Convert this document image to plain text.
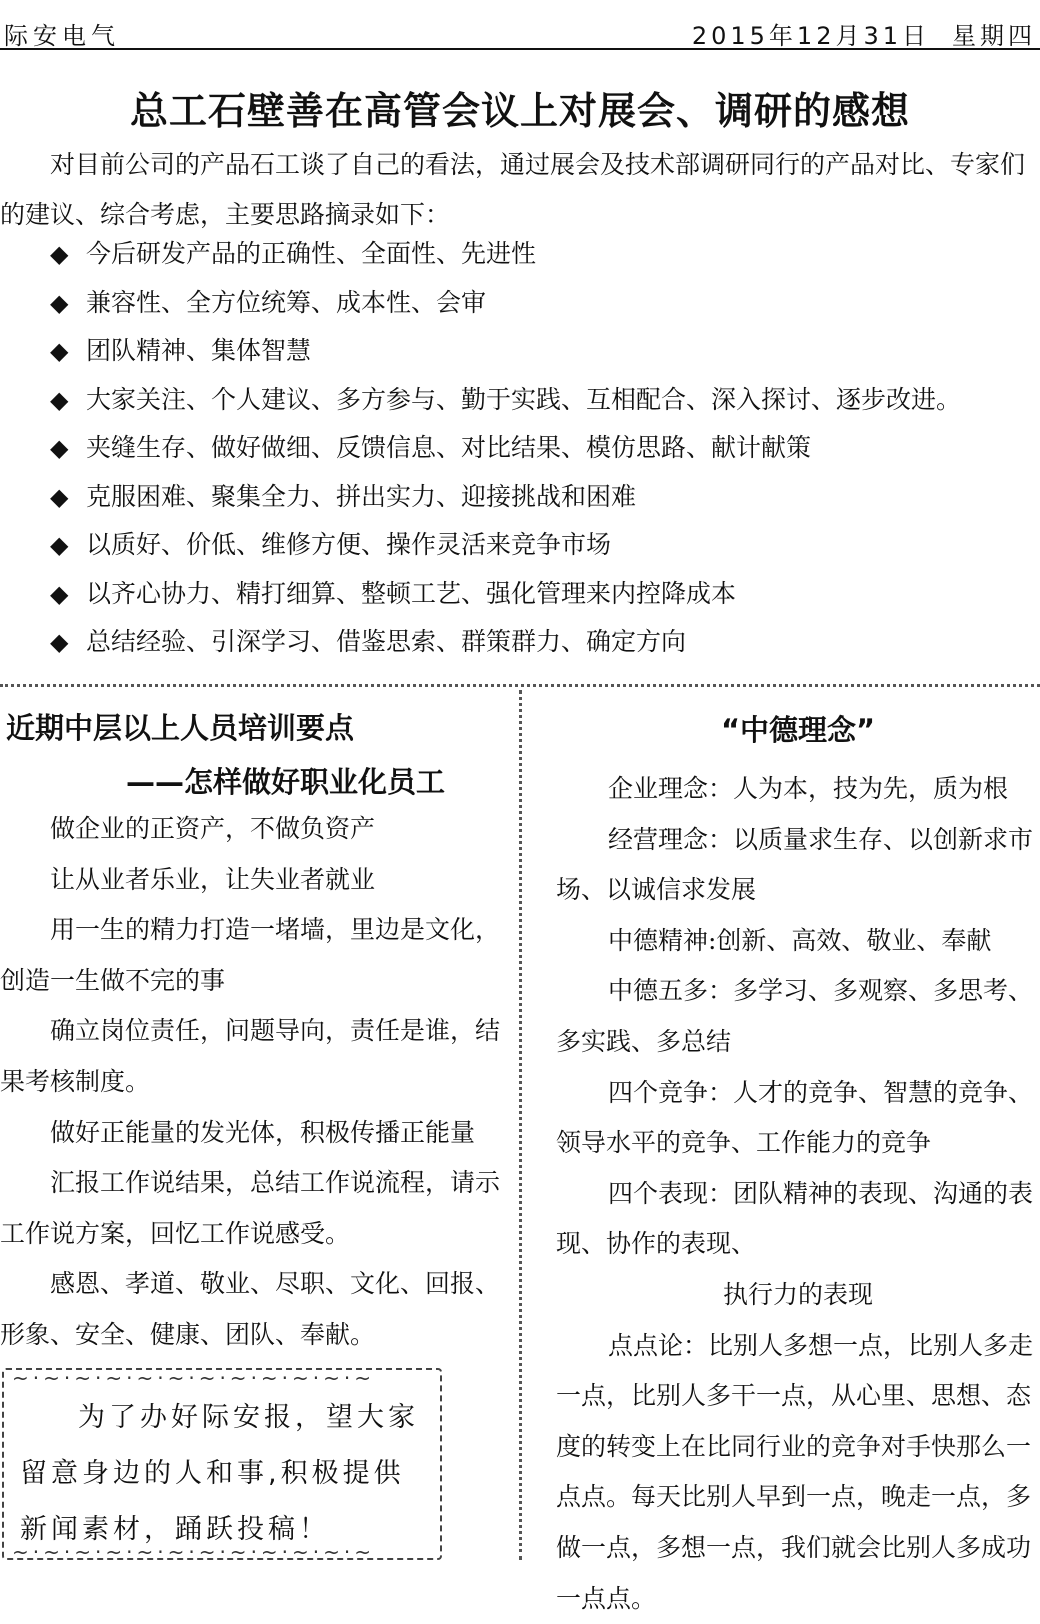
际安电气	2015年12月31日 星期四
总工石壁善在高管会议上对展会、调研的感想

对目前公司的产品石工谈了自己的看法，通过展会及技术部调研同行的产品对比、专家们的建议、综合考虑，主要思路摘录如下：

◆ 今后研发产品的正确性、全面性、先进性
◆ 兼容性、全方位统筹、成本性、会审
◆ 团队精神、集体智慧
◆ 大家关注、个人建议、多方参与、勤于实践、互相配合、深入探讨、逐步改进。
◆ 夹缝生存、做好做细、反馈信息、对比结果、模仿思路、献计献策
◆ 克服困难、聚集全力、拼出实力、迎接挑战和困难
◆ 以质好、价低、维修方便、操作灵活来竞争市场
◆ 以齐心协力、精打细算、整顿工艺、强化管理来内控降成本
◆ 总结经验、引深学习、借鉴思索、群策群力、确定方向
近期中层以上人员培训要点
——怎样做好职业化员工

做企业的正资产，不做负资产

让从业者乐业，让失业者就业

用一生的精力打造一堵墙，里边是文化，创造一生做不完的事

确立岗位责任，问题导向，责任是谁，结果考核制度。

做好正能量的发光体，积极传播正能量

汇报工作说结果，总结工作说流程，请示工作说方案，回忆工作说感受。

感恩、孝道、敬业、尽职、文化、回报、形象、安全、健康、团队、奉献。

~·~·~·~·~·~·~·~·~·~·~·~

为了办好际安报，望大家留意身边的人和事,积极提供新闻素材，踊跃投稿！

~·~·~·~·~·~·~·~·~·~·~·~
“中德理念”

企业理念：人为本，技为先，质为根

经营理念：以质量求生存、以创新求市场、以诚信求发展

中德精神:创新、高效、敬业、奉献

中德五多：多学习、多观察、多思考、多实践、多总结

四个竞争：人才的竞争、智慧的竞争、领导水平的竞争、工作能力的竞争

四个表现：团队精神的表现、沟通的表现、协作的表现、

执行力的表现

点点论：比别人多想一点，比别人多走一点，比别人多干一点，从心里、思想、态度的转变上在比同行业的竞争对手快那么一点点。每天比别人早到一点，晚走一点，多做一点，多想一点，我们就会比别人多成功一点点。
